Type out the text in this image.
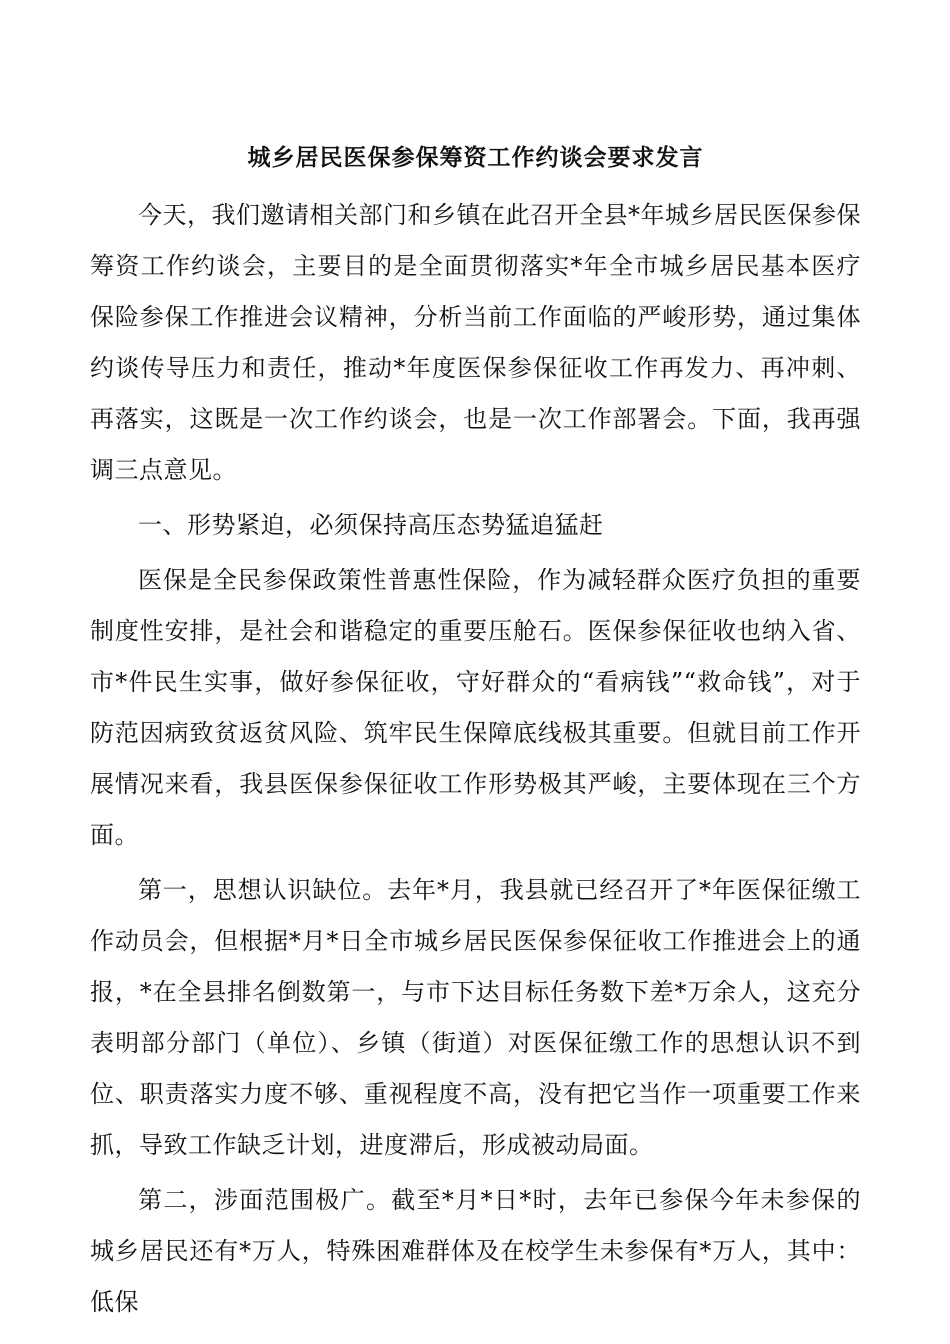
城乡居民医保参保筹资工作约谈会要求发言

今天，我们邀请相关部门和乡镇在此召开全县*年城乡居民医保参保筹资工作约谈会，主要目的是全面贯彻落实*年全市城乡居民基本医疗保险参保工作推进会议精神，分析当前工作面临的严峻形势，通过集体约谈传导压力和责任，推动*年度医保参保征收工作再发力、再冲刺、再落实，这既是一次工作约谈会，也是一次工作部署会。下面，我再强调三点意见。

一、形势紧迫，必须保持高压态势猛追猛赶

医保是全民参保政策性普惠性保险，作为减轻群众医疗负担的重要制度性安排，是社会和谐稳定的重要压舱石。医保参保征收也纳入省、市*件民生实事，做好参保征收，守好群众的“看病钱”“救命钱”，对于防范因病致贫返贫风险、筑牢民生保障底线极其重要。但就目前工作开展情况来看，我县医保参保征收工作形势极其严峻，主要体现在三个方面。

第一，思想认识缺位。去年*月，我县就已经召开了*年医保征缴工作动员会，但根据*月*日全市城乡居民医保参保征收工作推进会上的通报，*在全县排名倒数第一，与市下达目标任务数下差*万余人，这充分表明部分部门（单位）、乡镇（街道）对医保征缴工作的思想认识不到位、职责落实力度不够、重视程度不高，没有把它当作一项重要工作来抓，导致工作缺乏计划，进度滞后，形成被动局面。

第二，涉面范围极广。截至*月*日*时，去年已参保今年未参保的城乡居民还有*万人，特殊困难群体及在校学生未参保有*万人，其中：低保
